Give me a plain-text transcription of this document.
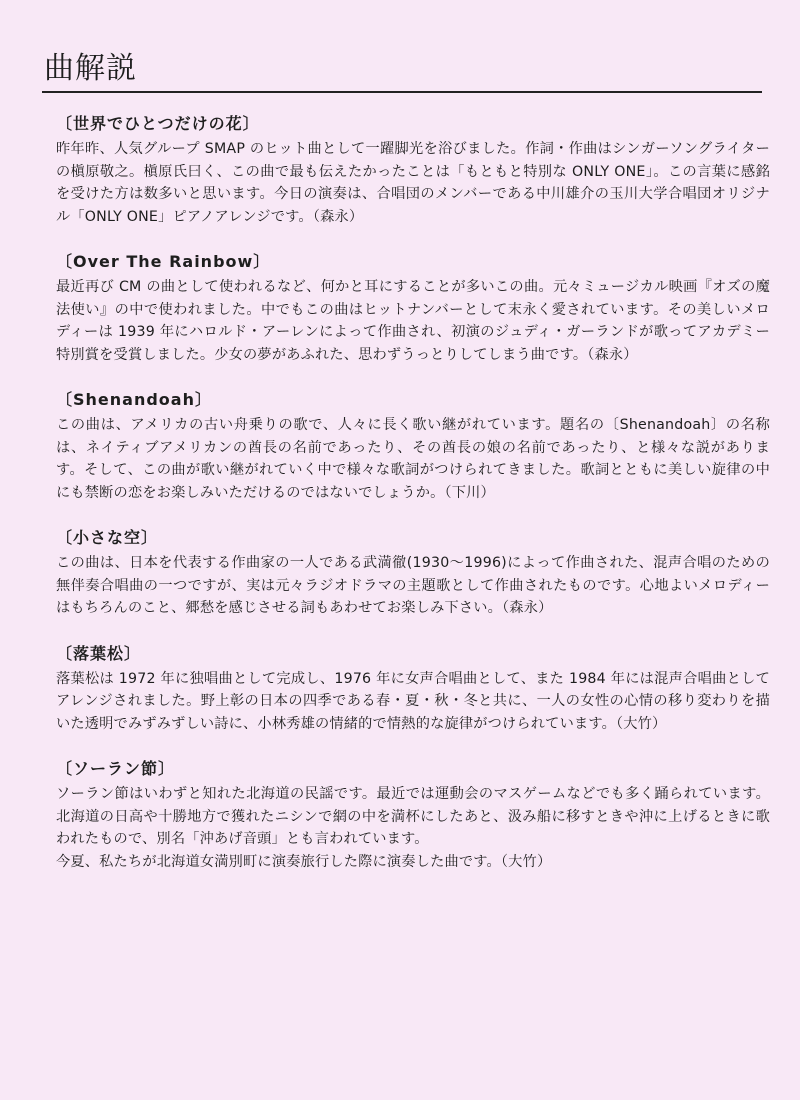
曲解説
〔世界でひとつだけの花〕

昨年昨、人気グループ SMAP のヒット曲として一躍脚光を浴びました。作詞・作曲はシンガーソングライターの槇原敬之。槇原氏曰く、この曲で最も伝えたかったことは「もともと特別な ONLY ONE」。この言葉に感銘を受けた方は数多いと思います。今日の演奏は、合唱団のメンバーである中川雄介の玉川大学合唱団オリジナル「ONLY ONE」ピアノアレンジです。（森永）

〔Over The Rainbow〕

最近再び CM の曲として使われるなど、何かと耳にすることが多いこの曲。元々ミュージカル映画『オズの魔法使い』の中で使われました。中でもこの曲はヒットナンバーとして末永く愛されています。その美しいメロディーは 1939 年にハロルド・アーレンによって作曲され、初演のジュディ・ガーランドが歌ってアカデミー特別賞を受賞しました。少女の夢があふれた、思わずうっとりしてしまう曲です。（森永）

〔Shenandoah〕

この曲は、アメリカの古い舟乗りの歌で、人々に長く歌い継がれています。題名の〔Shenandoah〕の名称は、ネイティブアメリカンの酋長の名前であったり、その酋長の娘の名前であったり、と様々な説があります。そして、この曲が歌い継がれていく中で様々な歌詞がつけられてきました。歌詞とともに美しい旋律の中にも禁断の恋をお楽しみいただけるのではないでしょうか。（下川）

〔小さな空〕

この曲は、日本を代表する作曲家の一人である武満徹(1930～1996)によって作曲された、混声合唱のための無伴奏合唱曲の一つですが、実は元々ラジオドラマの主題歌として作曲されたものです。心地よいメロディーはもちろんのこと、郷愁を感じさせる詞もあわせてお楽しみ下さい。（森永）

〔落葉松〕

落葉松は 1972 年に独唱曲として完成し、1976 年に女声合唱曲として、また 1984 年には混声合唱曲としてアレンジされました。野上彰の日本の四季である春・夏・秋・冬と共に、一人の女性の心情の移り変わりを描いた透明でみずみずしい詩に、小林秀雄の情緒的で情熱的な旋律がつけられています。（大竹）

〔ソーラン節〕

ソーラン節はいわずと知れた北海道の民謡です。最近では運動会のマスゲームなどでも多く踊られています。北海道の日高や十勝地方で獲れたニシンで網の中を満杯にしたあと、汲み船に移すときや沖に上げるときに歌われたもので、別名「沖あげ音頭」とも言われています。

今夏、私たちが北海道女満別町に演奏旅行した際に演奏した曲です。（大竹）
